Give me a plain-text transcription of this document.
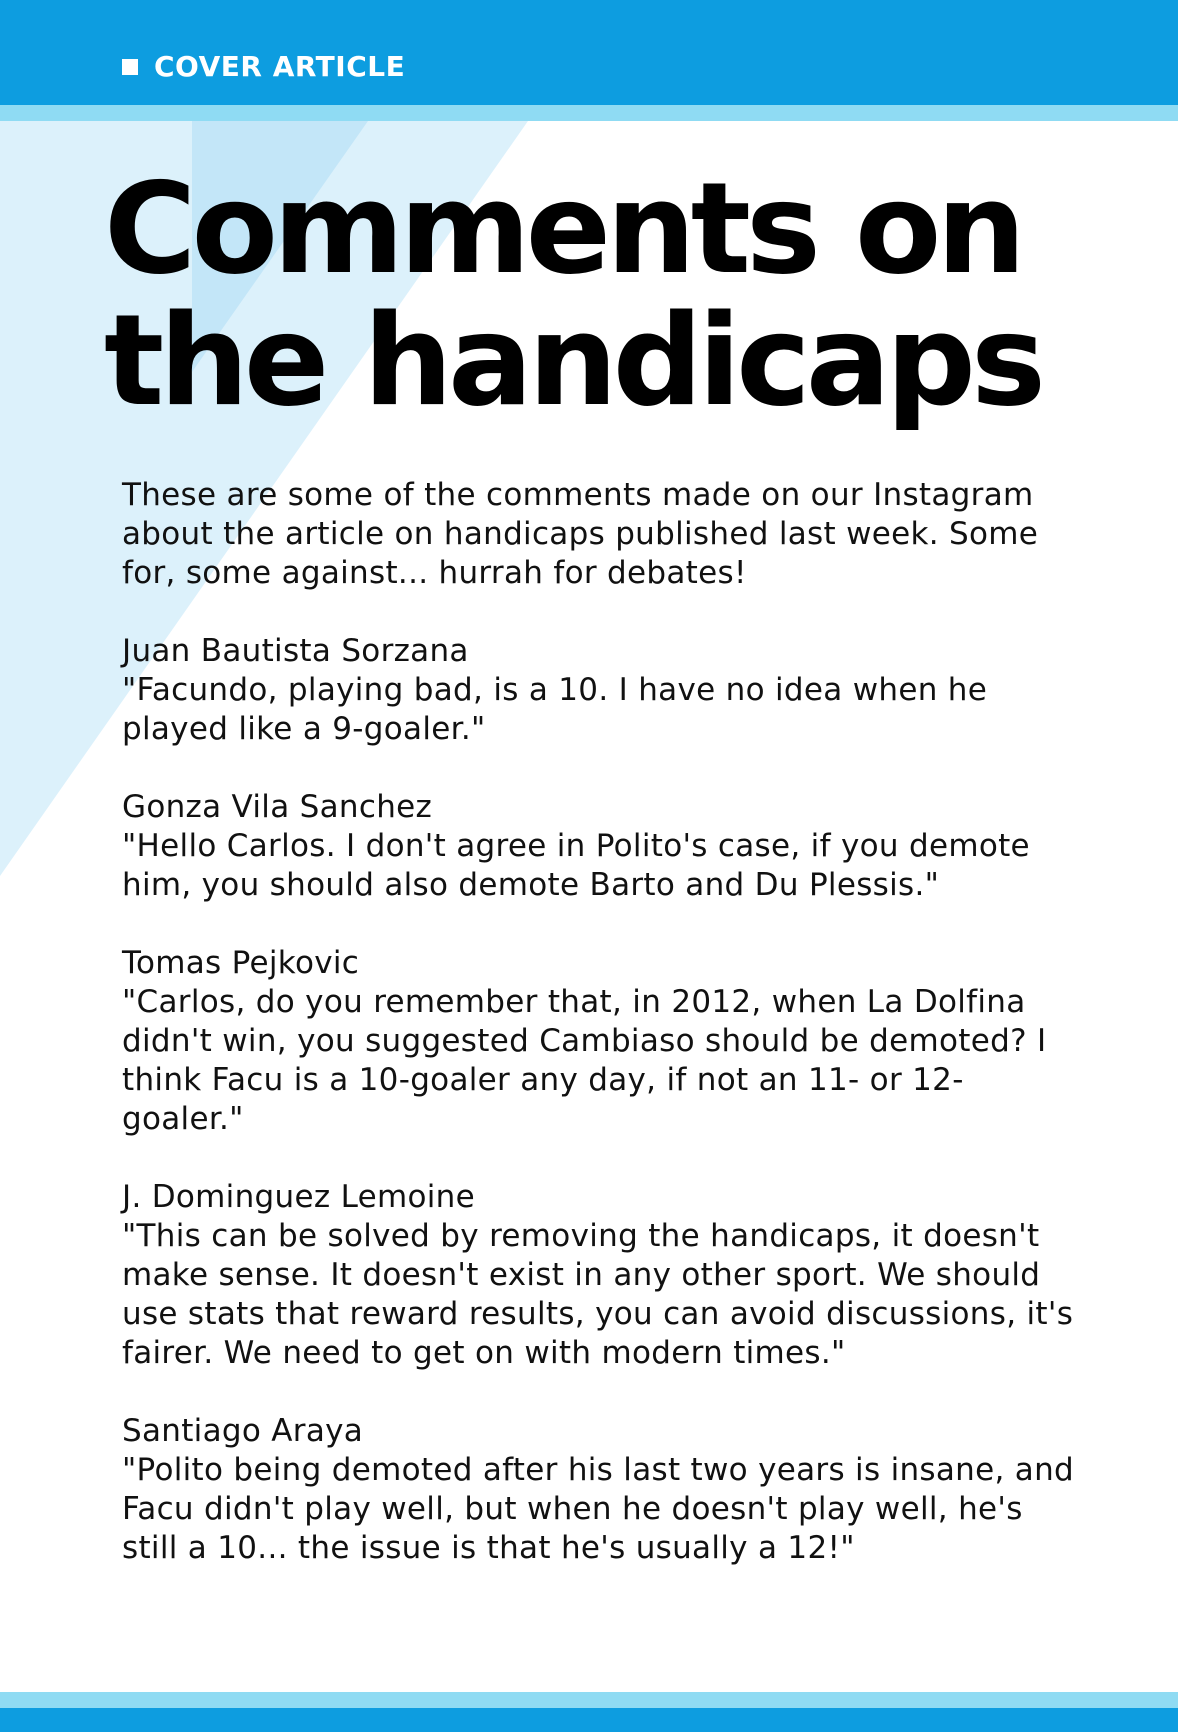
COVER ARTICLE
Comments on
the handicaps

These are some of the comments made on our Instagram about the article on handicaps published last week. Some for, some against... hurrah for debates!

Juan Bautista Sorzana

"Facundo, playing bad, is a 10. I have no idea when he played like a 9-goaler."

Gonza Vila Sanchez

"Hello Carlos. I don't agree in Polito's case, if you demote him, you should also demote Barto and Du Plessis."

Tomas Pejkovic

"Carlos, do you remember that, in 2012, when La Dolfina didn't win, you suggested Cambiaso should be demoted? I think Facu is a 10-goaler any day, if not an 11- or 12-goaler."

J. Dominguez Lemoine

"This can be solved by removing the handicaps, it doesn't make sense. It doesn't exist in any other sport. We should use stats that reward results, you can avoid discussions, it's fairer. We need to get on with modern times."

Santiago Araya

"Polito being demoted after his last two years is insane, and Facu didn't play well, but when he doesn't play well, he's still a 10... the issue is that he's usually a 12!"
